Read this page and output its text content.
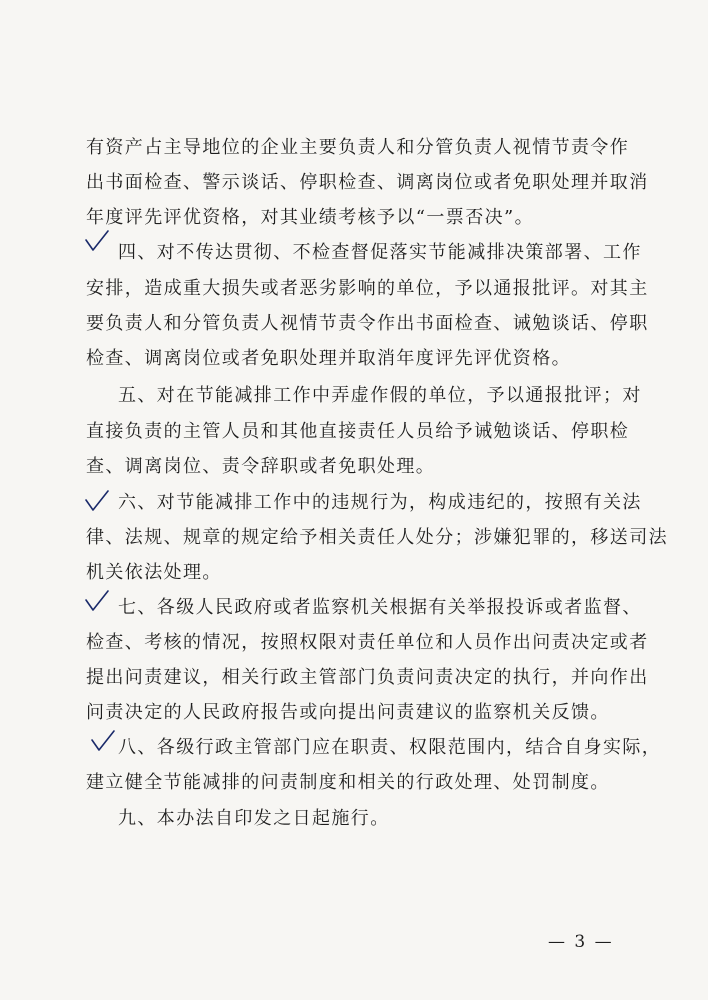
有资产占主导地位的企业主要负责人和分管负责人视情节责令作
出书面检查、警示谈话、停职检查、调离岗位或者免职处理并取消
年度评先评优资格，对其业绩考核予以“一票否决”。
四、对不传达贯彻、不检查督促落实节能减排决策部署、工作
安排，造成重大损失或者恶劣影响的单位，予以通报批评。对其主
要负责人和分管负责人视情节责令作出书面检查、诫勉谈话、停职
检查、调离岗位或者免职处理并取消年度评先评优资格。
五、对在节能减排工作中弄虚作假的单位，予以通报批评；对
直接负责的主管人员和其他直接责任人员给予诫勉谈话、停职检
查、调离岗位、责令辞职或者免职处理。
六、对节能减排工作中的违规行为，构成违纪的，按照有关法
律、法规、规章的规定给予相关责任人处分；涉嫌犯罪的，移送司法
机关依法处理。
七、各级人民政府或者监察机关根据有关举报投诉或者监督、
检查、考核的情况，按照权限对责任单位和人员作出问责决定或者
提出问责建议，相关行政主管部门负责问责决定的执行，并向作出
问责决定的人民政府报告或向提出问责建议的监察机关反馈。
八、各级行政主管部门应在职责、权限范围内，结合自身实际，
建立健全节能减排的问责制度和相关的行政处理、处罚制度。
九、本办法自印发之日起施行。
— 3 —
